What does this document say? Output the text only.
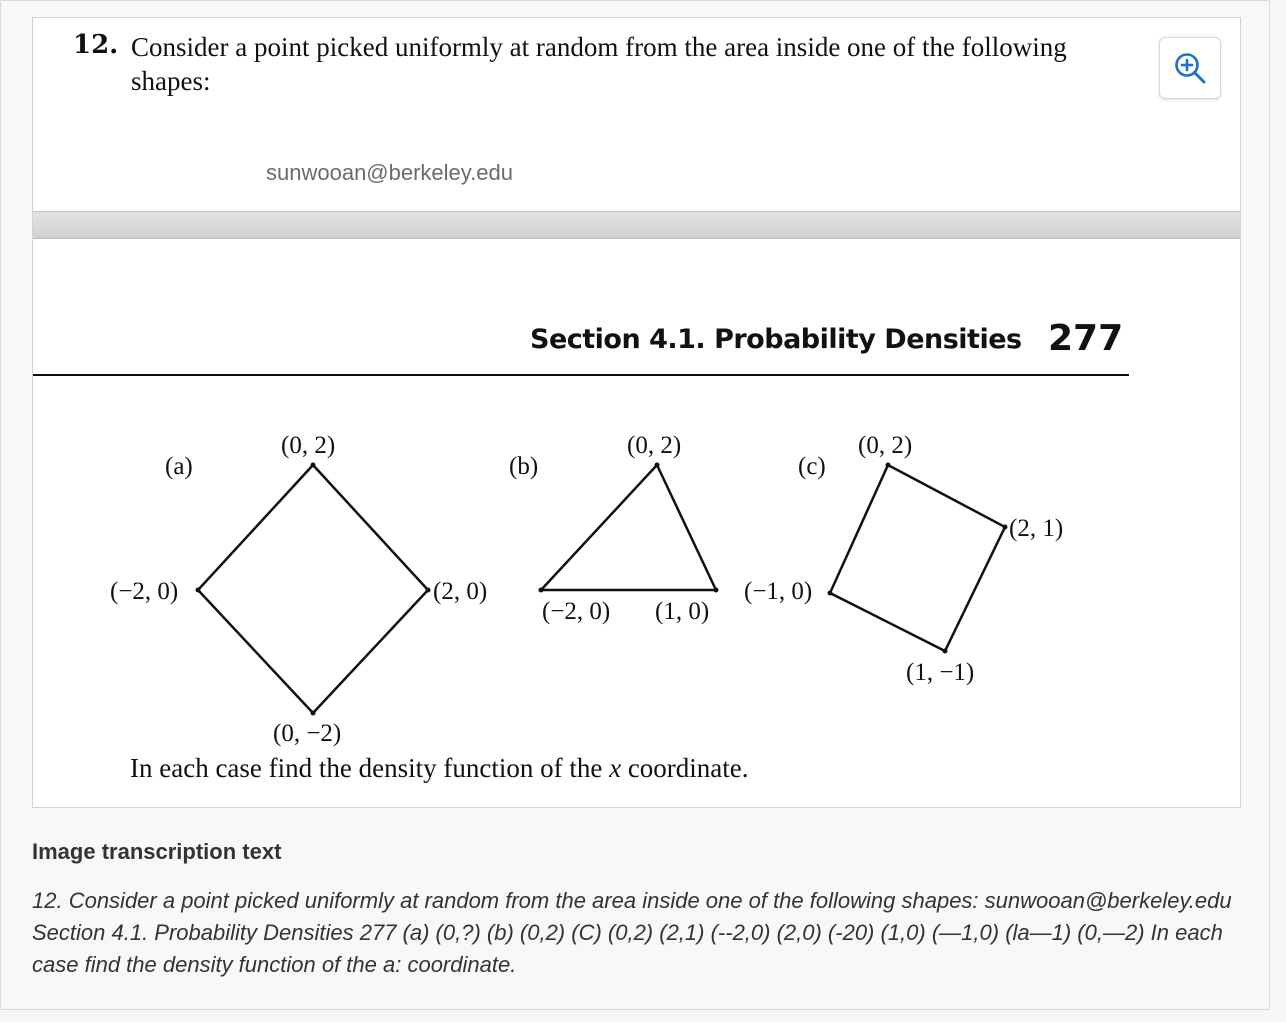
12. Consider a point picked uniformly at random from the area inside one of the following shapes:
sunwooan@berkeley.edu
Section 4.1. Probability Densities 277
(a)
(0, 2)
(−2, 0)	(2, 0)
(0, −2)
(b)
(0, 2)
(−2, 0) (1, 0)
(c)
(0, 2)
(2, 1)
(−1, 0)
(1, −1)
In each case find the density function of the x coordinate.
Image transcription text
12. Consider a point picked uniformly at random from the area inside one of the following shapes: sunwooan@berkeley.edu Section 4.1. Probability Densities 277 (a) (0,?) (b) (0,2) (C) (0,2) (2,1) (--2,0) (2,0) (-20) (1,0) (—1,0) (la—1) (0,—2) In each case find the density function of the a: coordinate.
